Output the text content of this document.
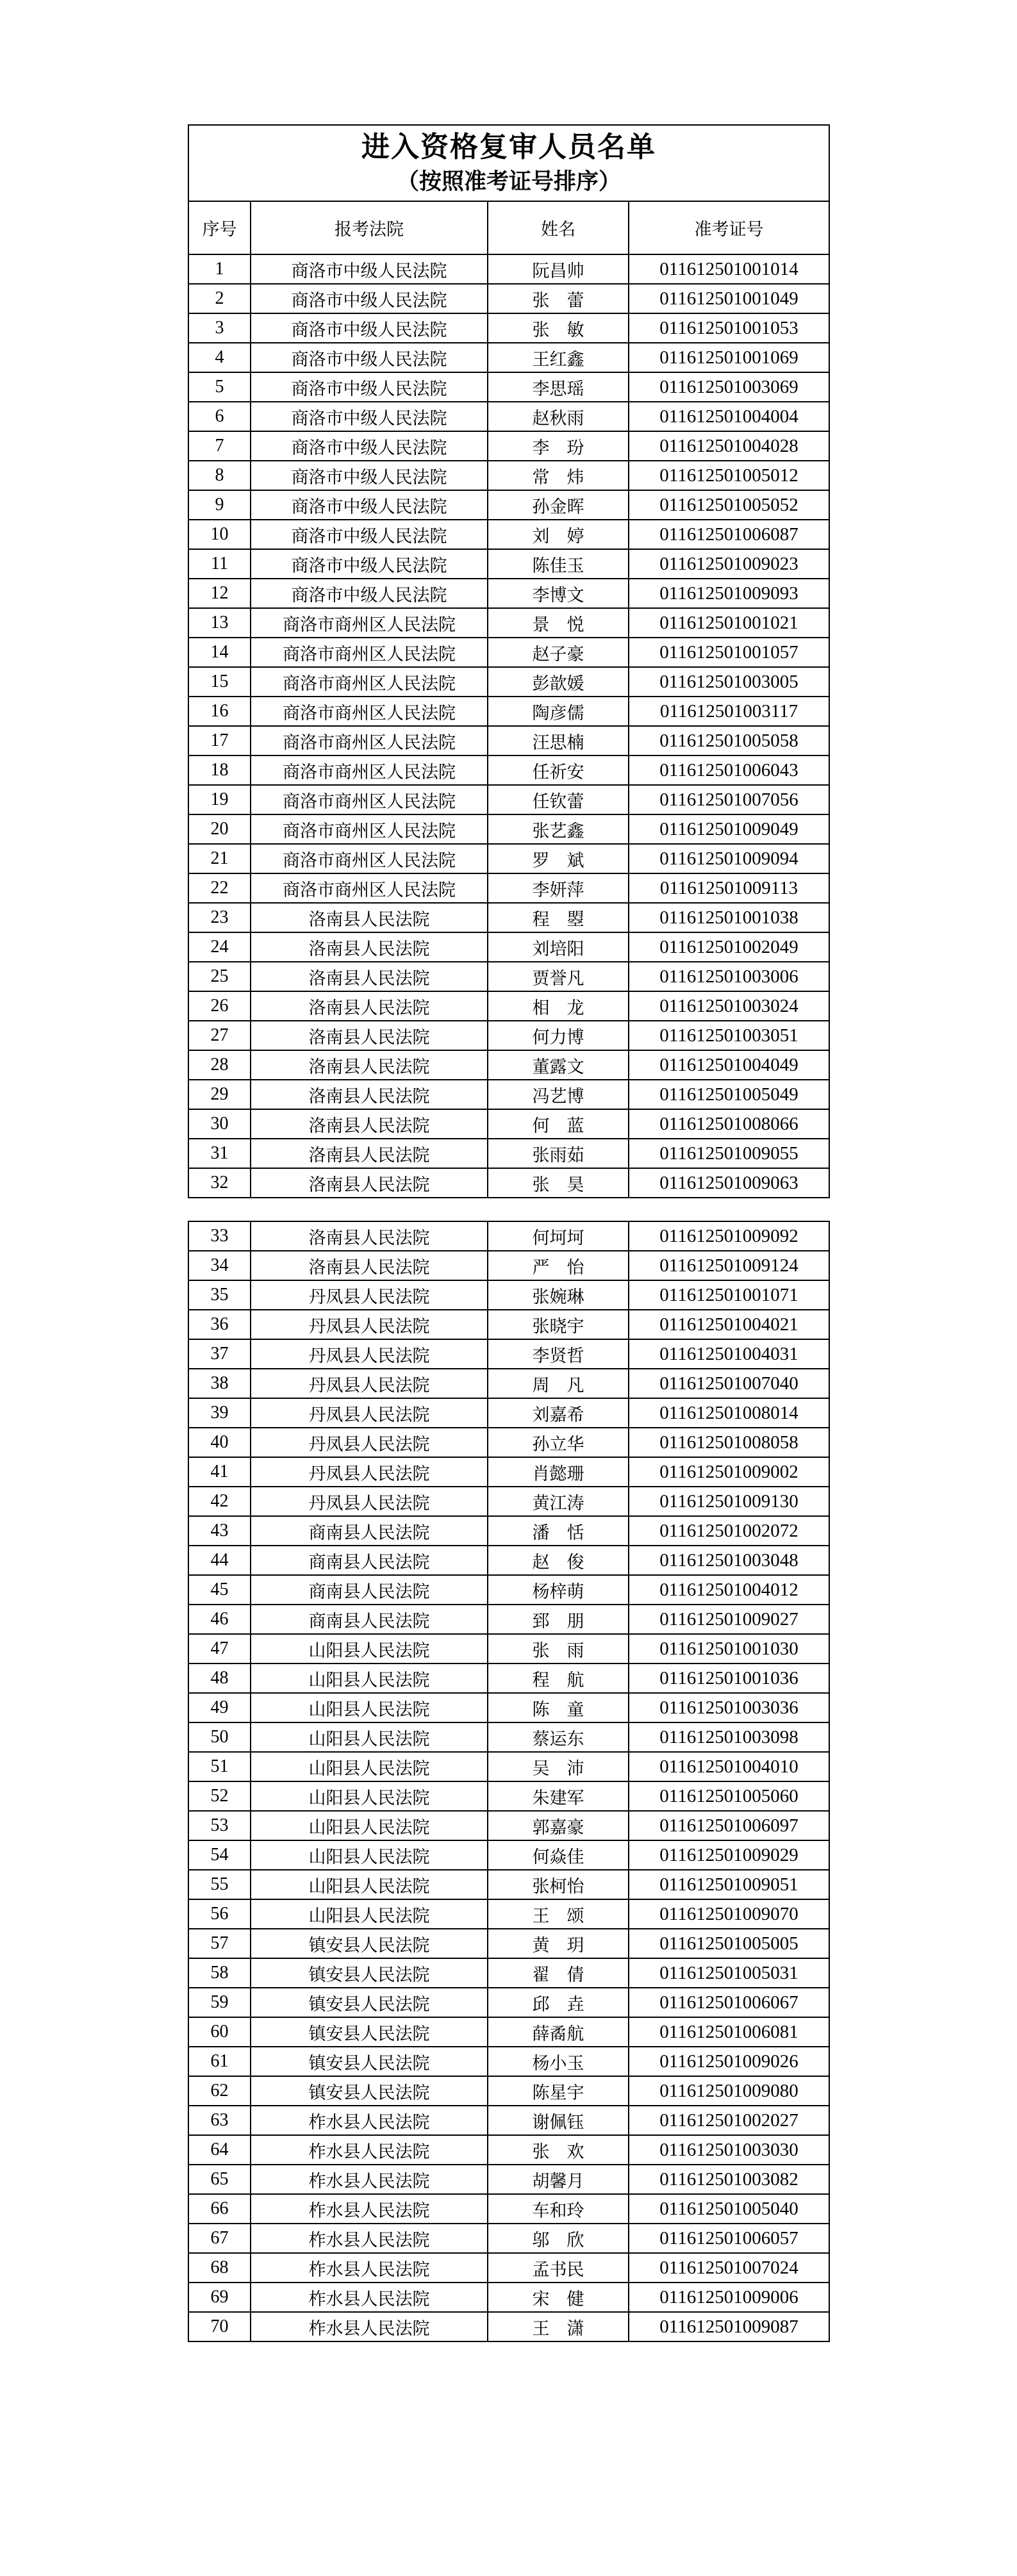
进入资格复审人员名单
（按照准考证号排序）			

序号	报考法院	姓名	准考证号
1	商洛市中级人民法院	阮昌帅	011612501001014
2	商洛市中级人民法院	张　蕾	011612501001049
3	商洛市中级人民法院	张　敏	011612501001053
4	商洛市中级人民法院	王红鑫	011612501001069
5	商洛市中级人民法院	李思瑶	011612501003069
6	商洛市中级人民法院	赵秋雨	011612501004004
7	商洛市中级人民法院	李　玢	011612501004028
8	商洛市中级人民法院	常　炜	011612501005012
9	商洛市中级人民法院	孙金晖	011612501005052
10	商洛市中级人民法院	刘　婷	011612501006087
11	商洛市中级人民法院	陈佳玉	011612501009023
12	商洛市中级人民法院	李博文	011612501009093
13	商洛市商州区人民法院	景　悦	011612501001021
14	商洛市商州区人民法院	赵子豪	011612501001057
15	商洛市商州区人民法院	彭歆媛	011612501003005
16	商洛市商州区人民法院	陶彦儒	011612501003117
17	商洛市商州区人民法院	汪思楠	011612501005058
18	商洛市商州区人民法院	任祈安	011612501006043
19	商洛市商州区人民法院	任钦蕾	011612501007056
20	商洛市商州区人民法院	张艺鑫	011612501009049
21	商洛市商州区人民法院	罗　斌	011612501009094
22	商洛市商州区人民法院	李妍萍	011612501009113
23	洛南县人民法院	程　曌	011612501001038
24	洛南县人民法院	刘培阳	011612501002049
25	洛南县人民法院	贾誉凡	011612501003006
26	洛南县人民法院	相　龙	011612501003024
27	洛南县人民法院	何力博	011612501003051
28	洛南县人民法院	董露文	011612501004049
29	洛南县人民法院	冯艺博	011612501005049
30	洛南县人民法院	何　蓝	011612501008066
31	洛南县人民法院	张雨茹	011612501009055
32	洛南县人民法院	张　昊	011612501009063
33	洛南县人民法院	何坷坷	011612501009092
34	洛南县人民法院	严　怡	011612501009124
35	丹凤县人民法院	张婉琳	011612501001071
36	丹凤县人民法院	张晓宇	011612501004021
37	丹凤县人民法院	李贤哲	011612501004031
38	丹凤县人民法院	周　凡	011612501007040
39	丹凤县人民法院	刘嘉希	011612501008014
40	丹凤县人民法院	孙立华	011612501008058
41	丹凤县人民法院	肖懿珊	011612501009002
42	丹凤县人民法院	黄江涛	011612501009130
43	商南县人民法院	潘　恬	011612501002072
44	商南县人民法院	赵　俊	011612501003048
45	商南县人民法院	杨梓萌	011612501004012
46	商南县人民法院	郅　朋	011612501009027
47	山阳县人民法院	张　雨	011612501001030
48	山阳县人民法院	程　航	011612501001036
49	山阳县人民法院	陈　童	011612501003036
50	山阳县人民法院	蔡运东	011612501003098
51	山阳县人民法院	吴　沛	011612501004010
52	山阳县人民法院	朱建军	011612501005060
53	山阳县人民法院	郭嘉豪	011612501006097
54	山阳县人民法院	何焱佳	011612501009029
55	山阳县人民法院	张柯怡	011612501009051
56	山阳县人民法院	王　颂	011612501009070
57	镇安县人民法院	黄　玥	011612501005005
58	镇安县人民法院	翟　倩	011612501005031
59	镇安县人民法院	邱　垚	011612501006067
60	镇安县人民法院	薛矞航	011612501006081
61	镇安县人民法院	杨小玉	011612501009026
62	镇安县人民法院	陈星宇	011612501009080
63	柞水县人民法院	谢佩钰	011612501002027
64	柞水县人民法院	张　欢	011612501003030
65	柞水县人民法院	胡馨月	011612501003082
66	柞水县人民法院	车和玲	011612501005040
67	柞水县人民法院	邬　欣	011612501006057
68	柞水县人民法院	孟书民	011612501007024
69	柞水县人民法院	宋　健	011612501009006
70	柞水县人民法院	王　潇	011612501009087
